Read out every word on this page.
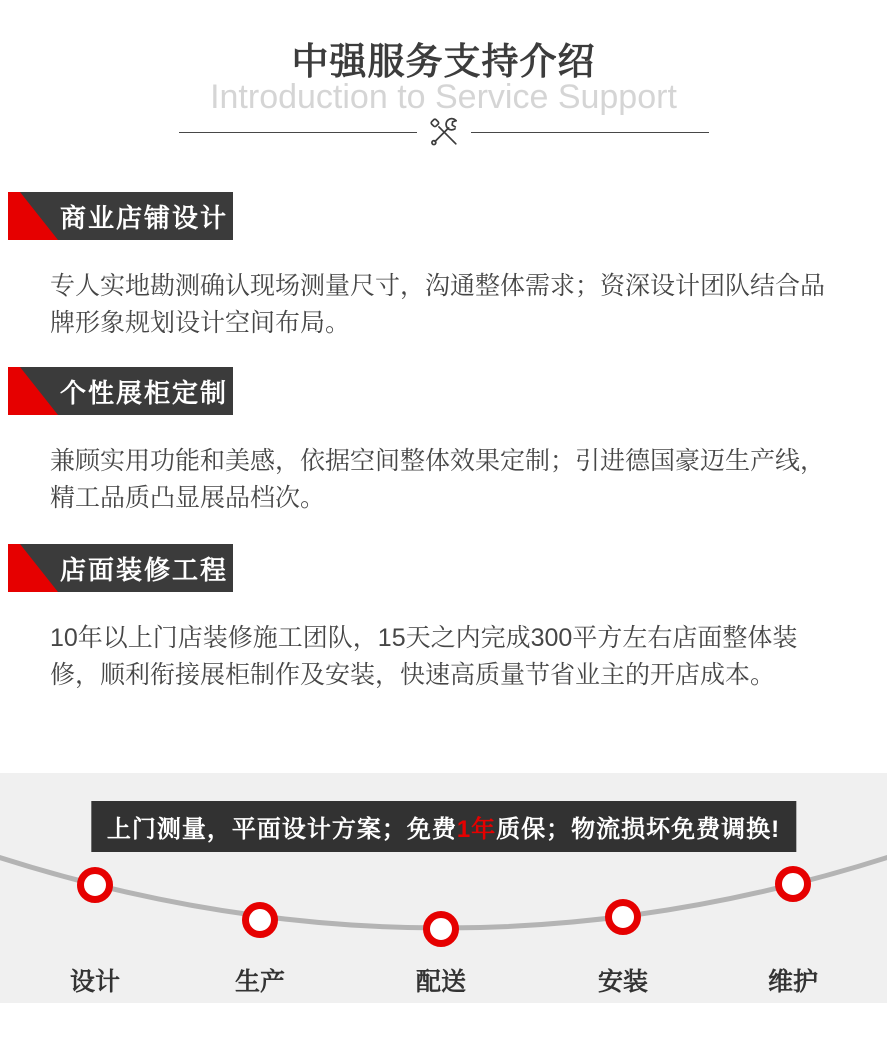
中强服务支持介绍
Introduction to Service Support
商业店铺设计
专人实地勘测确认现场测量尺寸，沟通整体需求；资深设计团队结合品牌形象规划设计空间布局。
个性展柜定制
兼顾实用功能和美感，依据空间整体效果定制；引进德国豪迈生产线，精工品质凸显展品档次。
店面装修工程
10年以上门店装修施工团队，15天之内完成300平方左右店面整体装修，顺利衔接展柜制作及安装，快速高质量节省业主的开店成本。
上门测量，平面设计方案；免费1年质保；物流损坏免费调换!
设计	生产	配送	安装	维护
